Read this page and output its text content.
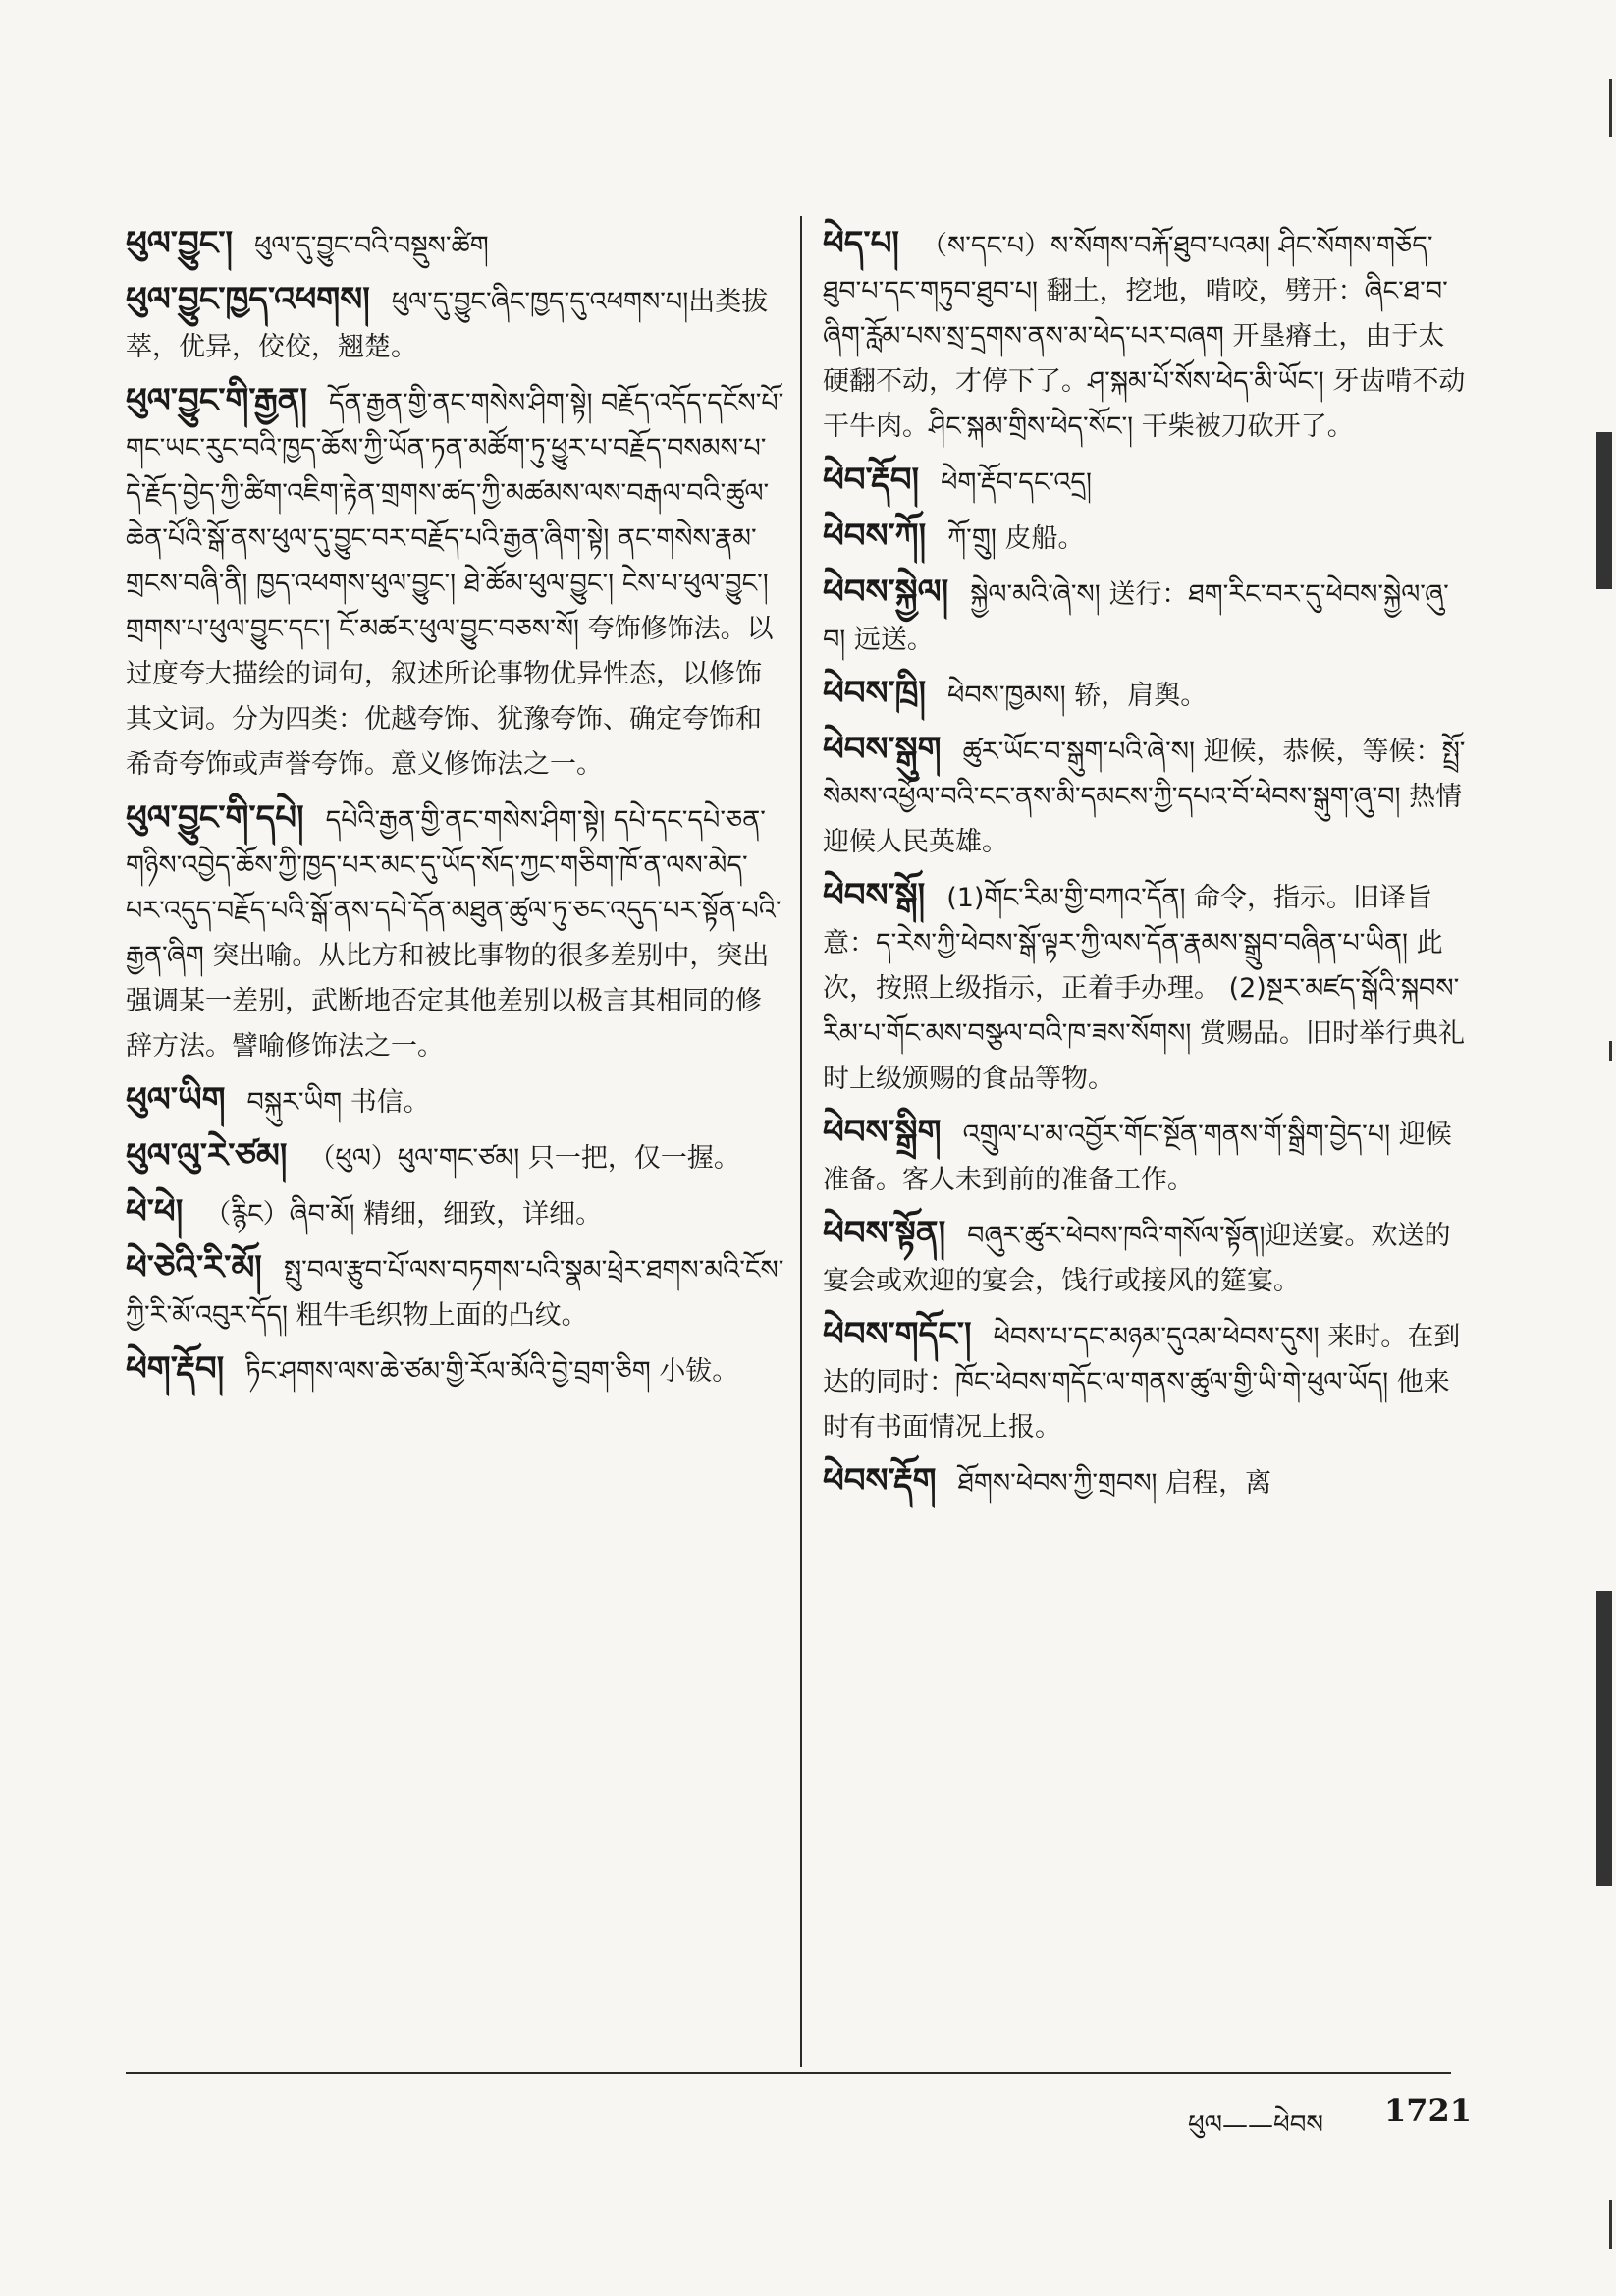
ཕུལ་བྱུང་། ཕུལ་དུ་བྱུང་བའི་བསྡུས་ཚིག
ཕུལ་བྱུང་ཁྱད་འཕགས། ཕུལ་དུ་བྱུང་ཞིང་ཁྱད་དུ་འཕགས་པ།出类拔萃，优异，佼佼，翘楚。
ཕུལ་བྱུང་གི་རྒྱན། དོན་རྒྱན་གྱི་ནང་གསེས་ཤིག་སྟེ། བརྗོད་འདོད་དངོས་པོ་གང་ཡང་རུང་བའི་ཁྱད་ཆོས་ཀྱི་ཡོན་ཏན་མཚོག་ཏུ་ཕྱུར་པ་བརྗོད་བསམས་པ་དེ་རྗོད་བྱེད་ཀྱི་ཚིག་འཇིག་རྟེན་གྲགས་ཚད་ཀྱི་མཚམས་ལས་བརྒལ་བའི་ཚུལ་ཆེན་པོའི་སྒོ་ནས་ཕུལ་དུ་བྱུང་བར་བརྗོད་པའི་རྒྱན་ཞིག་སྟེ། ནང་གསེས་རྣམ་གྲངས་བཞི་ནི། ཁྱད་འཕགས་ཕུལ་བྱུང་། ཐེ་ཚོམ་ཕུལ་བྱུང་། ངེས་པ་ཕུལ་བྱུང་། གྲགས་པ་ཕུལ་བྱུང་དང་། ངོ་མཚར་ཕུལ་བྱུང་བཅས་སོ། 夸饰修饰法。以过度夸大描绘的词句，叙述所论事物优异性态，以修饰其文词。分为四类：优越夸饰、犹豫夸饰、确定夸饰和希奇夸饰或声誉夸饰。意义修饰法之一。
ཕུལ་བྱུང་གི་དཔེ། དཔེའི་རྒྱན་གྱི་ནང་གསེས་ཤིག་སྟེ། དཔེ་དང་དཔེ་ཅན་གཉིས་འབྱེད་ཆོས་ཀྱི་ཁྱད་པར་མང་དུ་ཡོད་སོད་ཀྱང་གཅིག་ཁོ་ན་ལས་མེད་པར་འདུད་བརྗོད་པའི་སྒོ་ནས་དཔེ་དོན་མཐུན་ཚུལ་ཏུ་ཅང་འདུད་པར་སྟོན་པའི་རྒྱན་ཞིག 突出喻。从比方和被比事物的很多差别中，突出强调某一差别，武断地否定其他差别以极言其相同的修辞方法。譬喻修饰法之一。
ཕུལ་ཡིག བསྐུར་ཡིག 书信。
ཕུལ་ལུ་རེ་ཙམ། （ཕུལ）ཕུལ་གང་ཙམ། 只一把，仅一握。
ཕེ་ཕེ། （རྙིང）ཞིབ་མོ། 精细，细致，详细。
ཕེ་ཅེའི་རི་མོ། སྤུ་བལ་རྩུབ་པོ་ལས་བཏགས་པའི་སྣམ་ཕྲེར་ཐགས་མའི་ངོས་ཀྱི་རི་མོ་འབུར་དོད། 粗牛毛织物上面的凸纹。
ཕེག་རྡོབ། ཏིང་ཤགས་ལས་ཆེ་ཙམ་གྱི་རོལ་མོའི་བྱེ་བྲག་ཅིག 小钹。
ཕེད་པ། （ས་དང་པ）ས་སོགས་བརྐོ་ཐུབ་པའམ། ཤིང་སོགས་གཅོད་ཐུབ་པ་དང་གཏུབ་ཐུབ་པ། 翻土，挖地，啃咬，劈开：ཞིང་ཐ་བ་ཞིག་རློམ་པས་སྲ་དྲགས་ནས་མ་ཕེད་པར་བཞག 开垦瘠土，由于太硬翻不动，才停下了。ཤ་སྐམ་པོ་སོས་ཕེད་མི་ཡོང་། 牙齿啃不动干牛肉。ཤིང་སྐམ་གྲིས་ཕེད་སོང་། 干柴被刀砍开了。
ཕེབ་རྡོབ། ཕེག་རྡོབ་དང་འདྲ།
ཕེབས་ཀོ། ཀོ་གྲུ། 皮船。
ཕེབས་སྐྱེལ། སྐྱེལ་མའི་ཞེ་ས། 送行：ཐག་རིང་བར་དུ་ཕེབས་སྐྱེལ་ཞུ་བ། 远送。
ཕེབས་ཁྲི། ཕེབས་ཁྱམས། 轿，肩舆。
ཕེབས་སྒུག ཚུར་ཡོང་བ་སྒུག་པའི་ཞེ་ས། 迎候，恭候，等候：སྤྲོ་སེམས་འཕྱོལ་བའི་ངང་ནས་མི་དམངས་ཀྱི་དཔའ་བོ་ཕེབས་སྒུག་ཞུ་བ། 热情迎候人民英雄。
ཕེབས་སྒོ། (1)གོང་རིམ་གྱི་བཀའ་དོན། 命令，指示。旧译旨意：ད་རེས་ཀྱི་ཕེབས་སྒོ་ལྟར་ཀྱི་ལས་དོན་རྣམས་སྒྲུབ་བཞིན་པ་ཡིན། 此次，按照上级指示，正着手办理。 (2)སྔར་མཛད་སྒོའི་སྐབས་རིམ་པ་གོང་མས་བསྩལ་བའི་ཁ་ཟས་སོགས། 赏赐品。旧时举行典礼时上级颁赐的食品等物。
ཕེབས་སྒྲིག འགྲུལ་པ་མ་འབྱོར་གོང་སྔོན་གནས་གོ་སྒྲིག་བྱེད་པ། 迎候准备。客人未到前的准备工作。
ཕེབས་སྟོན། བཞུར་ཚུར་ཕེབས་ཁའི་གསོལ་སྟོན།迎送宴。欢送的宴会或欢迎的宴会，饯行或接风的筵宴。
ཕེབས་གདོང་། ཕེབས་པ་དང་མཉམ་དུའམ་ཕེབས་དུས། 来时。在到达的同时：ཁོང་ཕེབས་གདོང་ལ་གནས་ཚུལ་གྱི་ཡི་གེ་ཕུལ་ཡོད། 他来时有书面情况上报。
ཕེབས་རྡོག ཐོགས་ཕེབས་ཀྱི་གྲབས། 启程，离
ཕུལ——ཕེབས 1721
